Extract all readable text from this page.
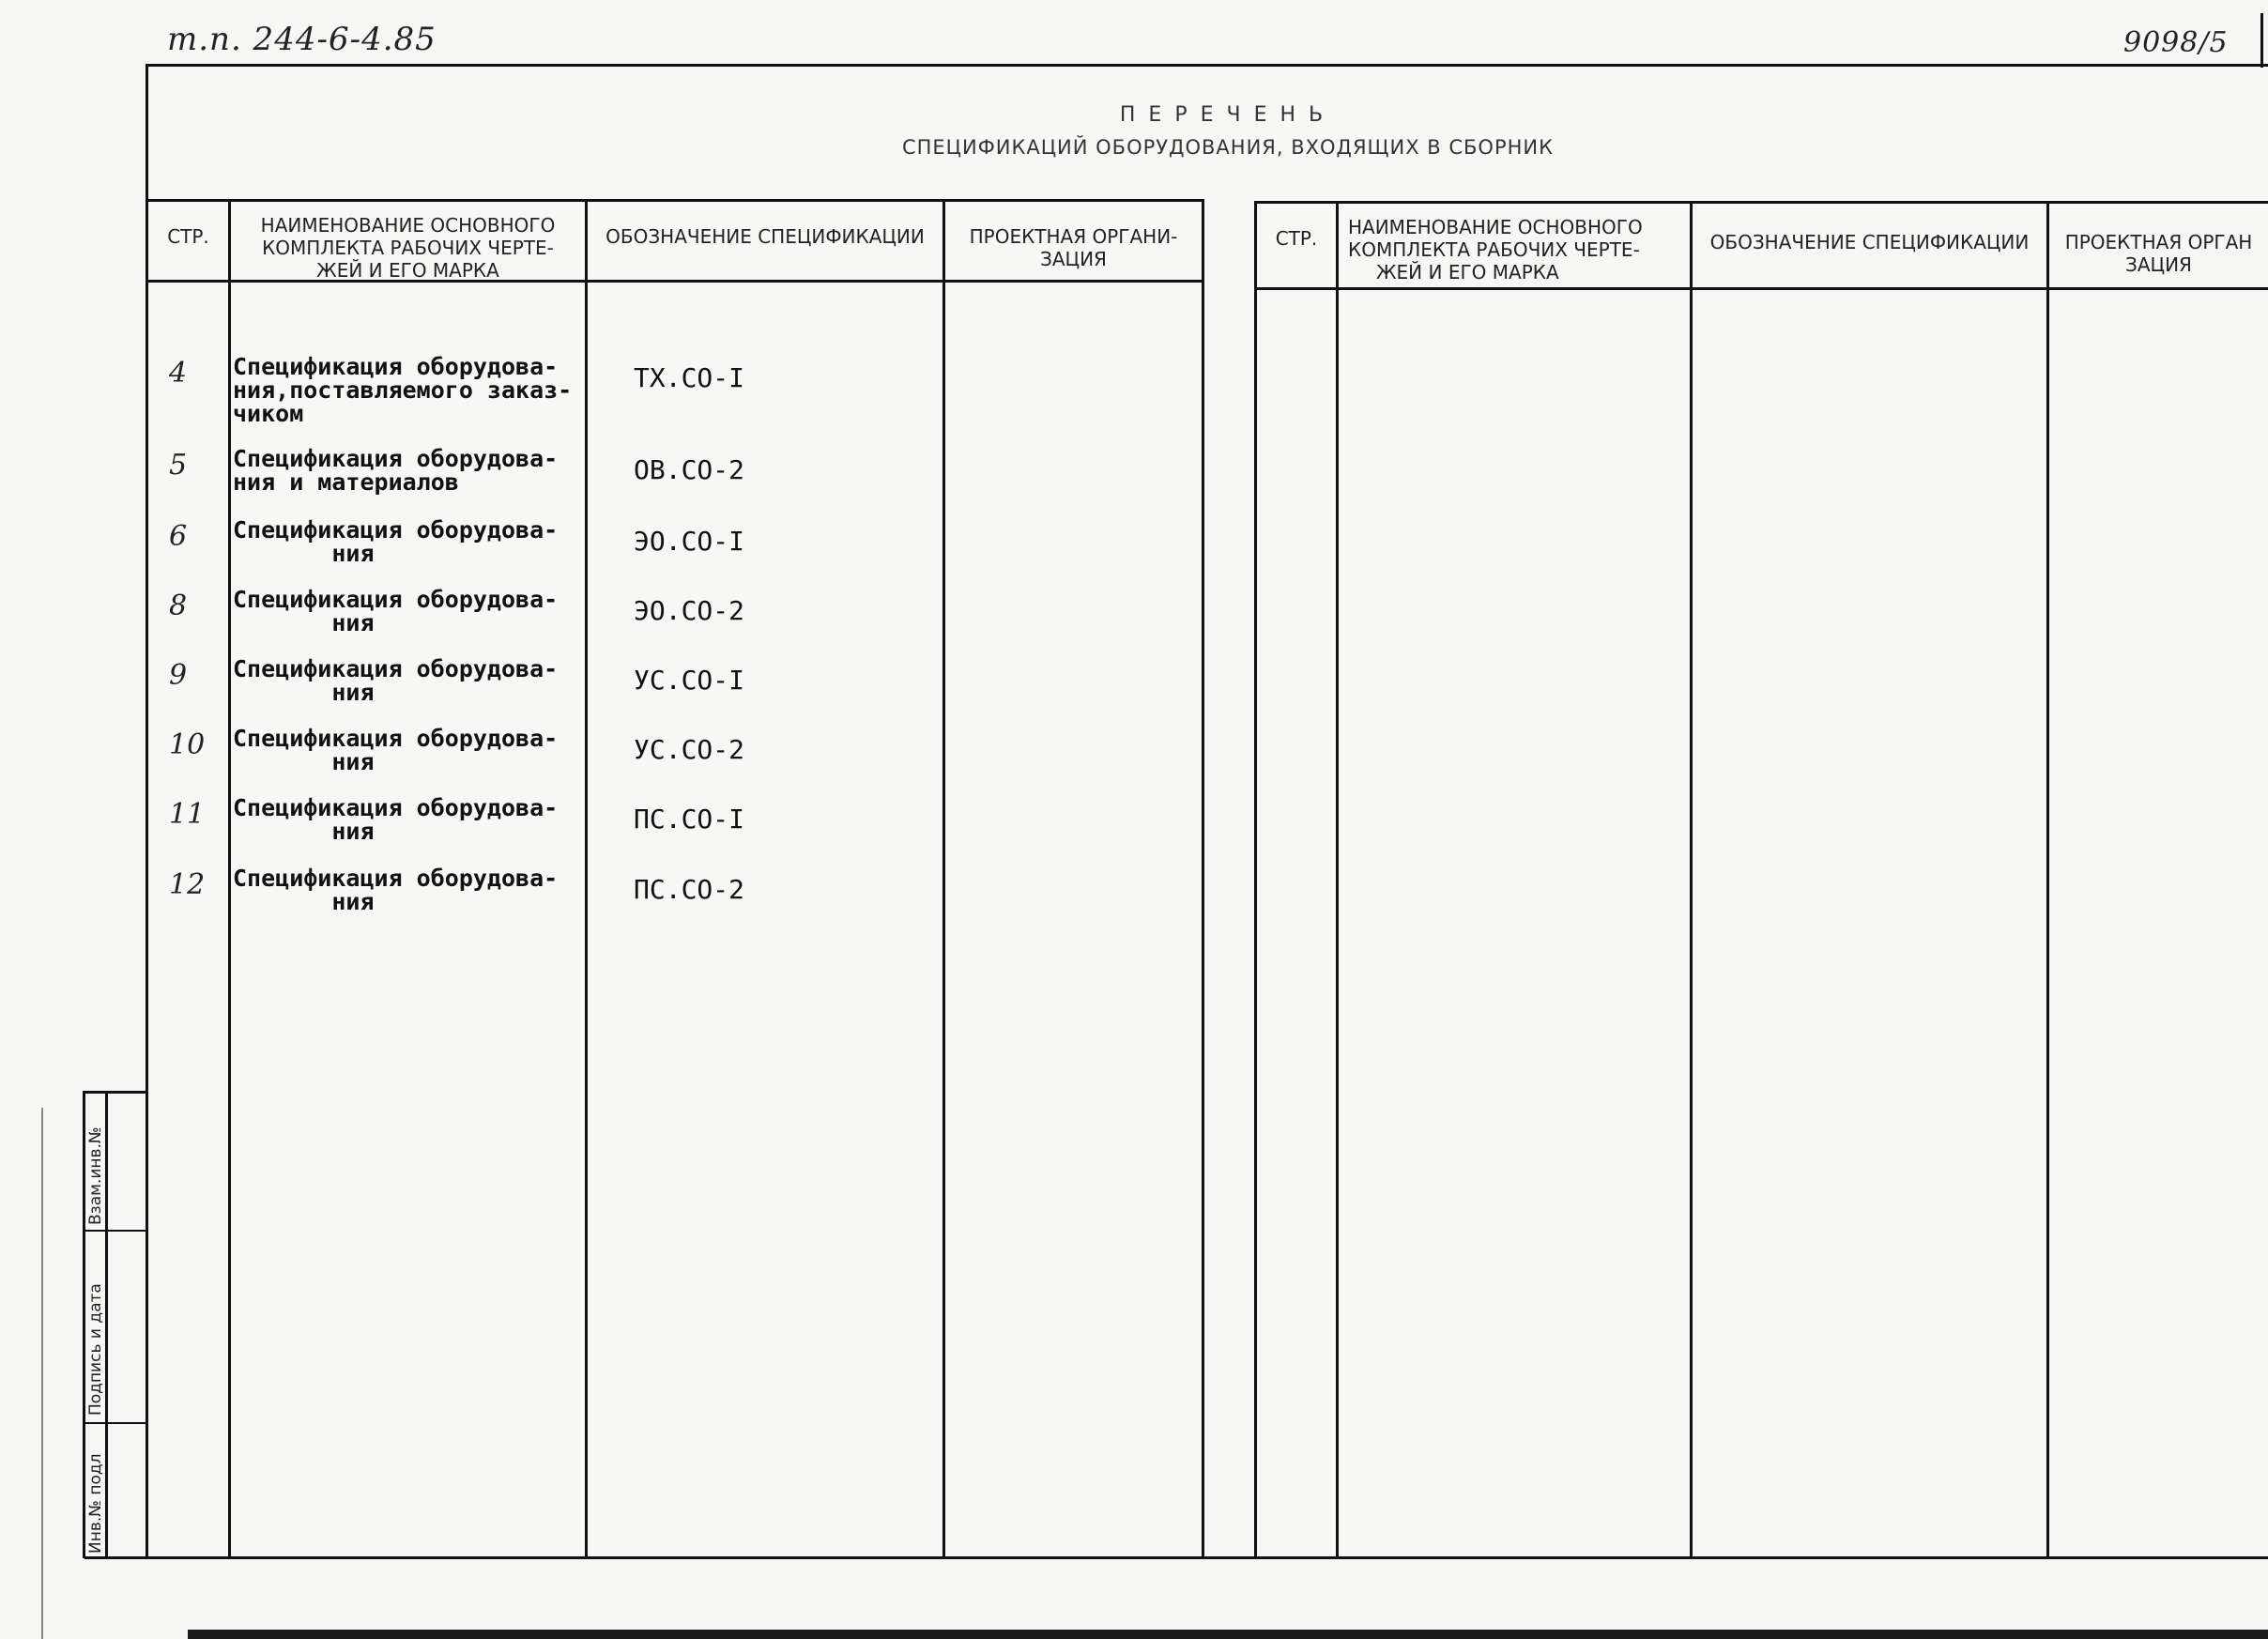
т.п. 244-6-4.85	9098/5
ПЕРЕЧЕНЬ
СПЕЦИФИКАЦИЙ ОБОРУДОВАНИЯ, ВХОДЯЩИХ В СБОРНИК
СТР.	НАИМЕНОВАНИЕ ОСНОВНОГО
КОМПЛЕКТА РАБОЧИХ ЧЕРТЕ-
ЖЕЙ И ЕГО МАРКА
ОБОЗНАЧЕНИЕ СПЕЦИФИКАЦИИ	ПРОЕКТНАЯ ОРГАНИ-
ЗАЦИЯ
4 Спецификация оборудова-
ния,поставляемого заказ-
чиком
ТХ.СО-I
5 Спецификация оборудова-
ния и материалов	ОВ.СО-2
6 Спецификация оборудова-
ния	ЭО.СО-I
8 Спецификация оборудова-
ния	ЭО.СО-2
9 Спецификация оборудова-
ния	УС.СО-I
10 Спецификация оборудова-
ния	УС.СО-2
11 Спецификация оборудова-
ния	ПС.СО-I
12 Спецификация оборудова-
ния	ПС.СО-2
СТР.	НАИМЕНОВАНИЕ ОСНОВНОГО
КОМПЛЕКТА РАБОЧИХ ЧЕРТЕ-
ЖЕЙ И ЕГО МАРКА
ОБОЗНАЧЕНИЕ СПЕЦИФИКАЦИИ	ПРОЕКТНАЯ ОРГАН
ЗАЦИЯ
Взам.инв.№
Подпись и дата
Инв.№ подл
